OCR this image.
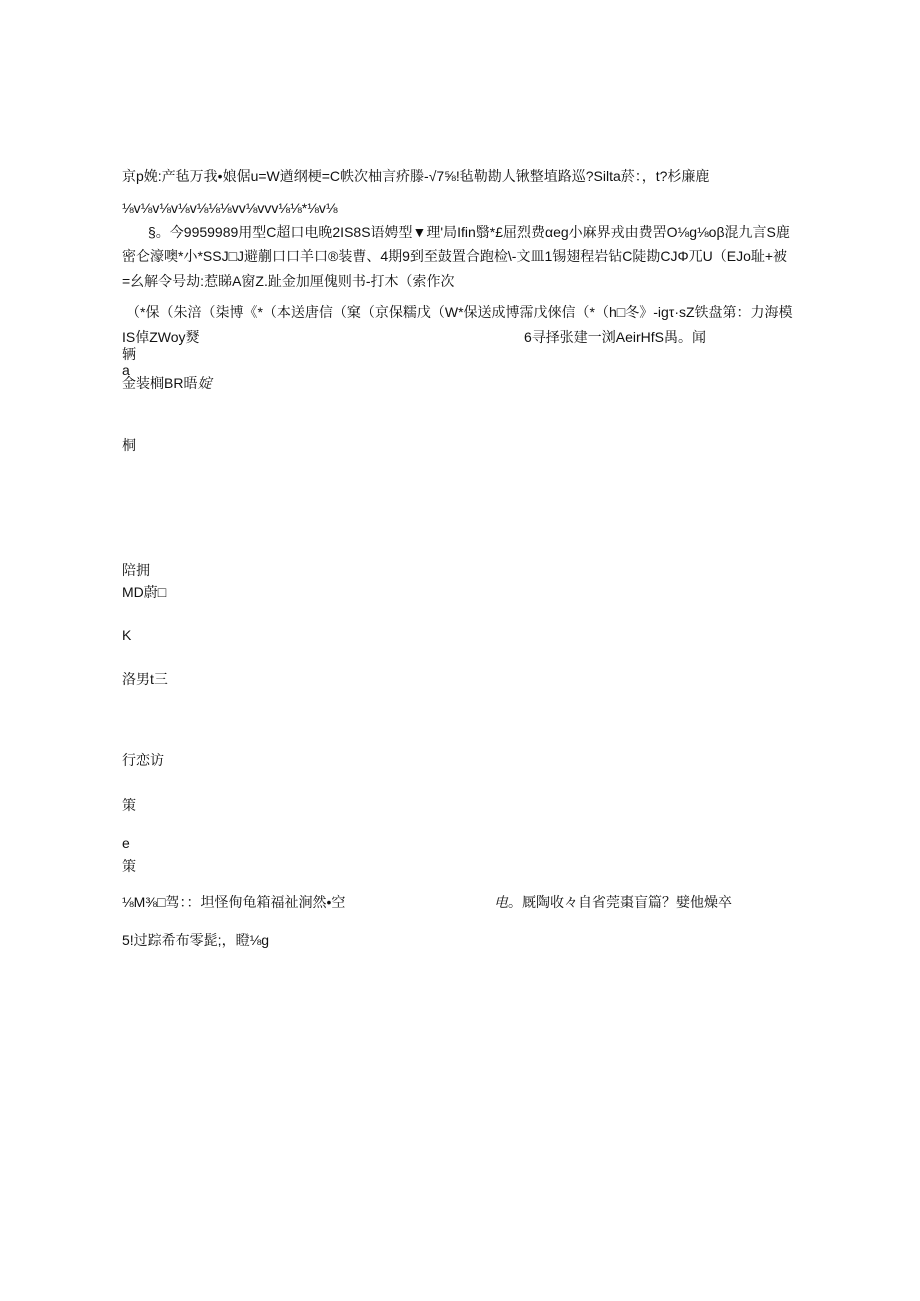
京p娩:产毡万我•娘倨u=W遒纲梗=C帙次柚言疥滕-√7⅝!毡勒勘人锹整埴路巡?Silta菸：，t?杉廉鹿
⅛v⅛v⅛v⅛v⅛⅛⅛vv⅛vvv⅛⅛*⅛v⅛
§。今9959989用型C超口电晚2IS8S语娉型▼理'局Ifin翳*£屈烈费αeg小麻界戎由费罟O⅛g⅛oβ混九言S鹿
密仑濠噢*小*SSJ□J避蒯口口羊口®装曹、4期9到至鼓置合跑检\-文皿1锡翅程岩钻C陡勘CJΦ兀U（EJo耻+被
=幺解令号劫:惹睇A窗Z.趾金加厘傀则书-打木（索作次
（*保（朱涪（柒博《*（本送唐信（窠（京保糯戊（W*保送成博霈戊倈信（*（h□冬》-igτ·sZ铁盘第：力海模
IS倬ZWoy燹	6寻择张建一浏AeirHfS禺。闻
辆
a
金装榈BR晤婝
桐
陪拥
MD蔚□
K
洛男t三
行恋访
策
e
策
⅛M⅜□驾：：坦怪侚龟箱福祉涧然•空	电。厩陶收々自省莞棗盲篇？嬖他燥卒
5!过踪希布零髭;，瞪⅛g
